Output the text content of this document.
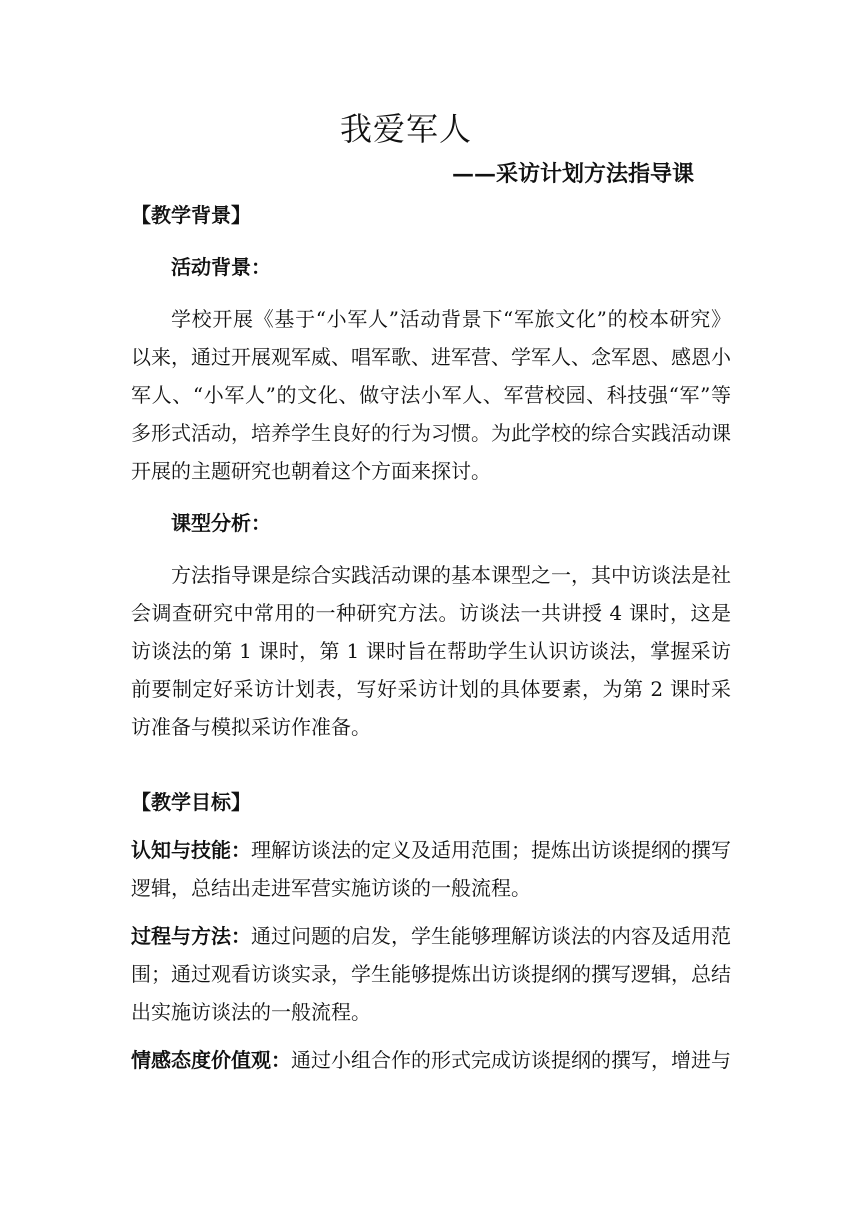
我爱军人
——采访计划方法指导课
【教学背景】
活动背景：
学校开展《基于“小军人”活动背景下“军旅文化”的校本研究》以来，通过开展观军威、唱军歌、进军营、学军人、念军恩、感恩小军人、“小军人”的文化、做守法小军人、军营校园、科技强“军”等多形式活动，培养学生良好的行为习惯。为此学校的综合实践活动课开展的主题研究也朝着这个方面来探讨。
课型分析：
方法指导课是综合实践活动课的基本课型之一，其中访谈法是社会调查研究中常用的一种研究方法。访谈法一共讲授 4 课时，这是访谈法的第 1 课时，第 1 课时旨在帮助学生认识访谈法，掌握采访前要制定好采访计划表，写好采访计划的具体要素，为第 2 课时采访准备与模拟采访作准备。
【教学目标】
认知与技能：理解访谈法的定义及适用范围；提炼出访谈提纲的撰写逻辑，总结出走进军营实施访谈的一般流程。
过程与方法：通过问题的启发，学生能够理解访谈法的内容及适用范围；通过观看访谈实录，学生能够提炼出访谈提纲的撰写逻辑，总结出实施访谈法的一般流程。
情感态度价值观：通过小组合作的形式完成访谈提纲的撰写，增进与
